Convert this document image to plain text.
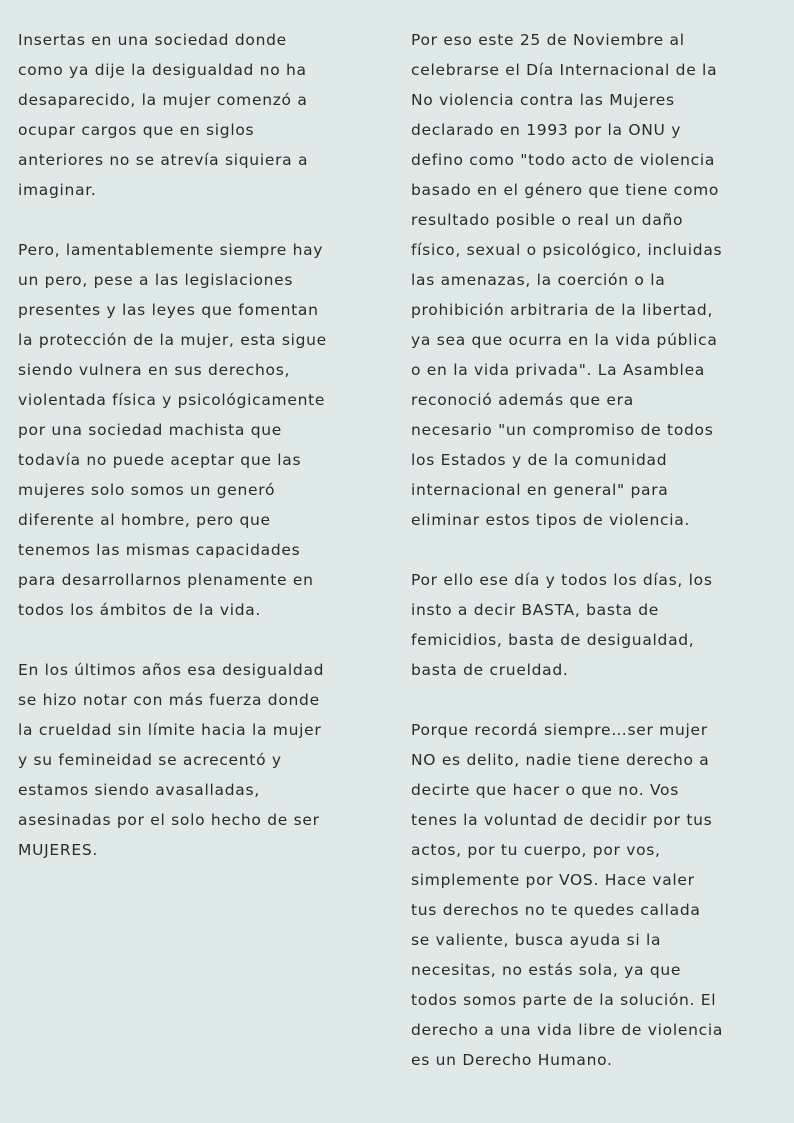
Insertas en una sociedad donde
como ya dije la desigualdad no ha
desaparecido, la mujer comenzó a
ocupar cargos que en siglos
anteriores no se atrevía siquiera a
imaginar.

Pero, lamentablemente siempre hay
un pero, pese a las legislaciones
presentes y las leyes que fomentan
la protección de la mujer, esta sigue
siendo vulnera en sus derechos,
violentada física y psicológicamente
por una sociedad machista que
todavía no puede aceptar que las
mujeres solo somos un generó
diferente al hombre, pero que
tenemos las mismas capacidades
para desarrollarnos plenamente en
todos los ámbitos de la vida.

En los últimos años esa desigualdad
se hizo notar con más fuerza donde
la crueldad sin límite hacia la mujer
y su femineidad se acrecentó y
estamos siendo avasalladas,
asesinadas por el solo hecho de ser
MUJERES.

Por eso este 25 de Noviembre al
celebrarse el Día Internacional de la
No violencia contra las Mujeres
declarado en 1993 por la ONU y
defino como "todo acto de violencia
basado en el género que tiene como
resultado posible o real un daño
físico, sexual o psicológico, incluidas
las amenazas, la coerción o la
prohibición arbitraria de la libertad,
ya sea que ocurra en la vida pública
o en la vida privada". La Asamblea
reconoció además que era
necesario "un compromiso de todos
los Estados y de la comunidad
internacional en general" para
eliminar estos tipos de violencia.

Por ello ese día y todos los días, los
insto a decir BASTA, basta de
femicidios, basta de desigualdad,
basta de crueldad.

Porque recordá siempre…ser mujer
NO es delito, nadie tiene derecho a
decirte que hacer o que no. Vos
tenes la voluntad de decidir por tus
actos, por tu cuerpo, por vos,
simplemente por VOS. Hace valer
tus derechos no te quedes callada
se valiente, busca ayuda si la
necesitas, no estás sola, ya que
todos somos parte de la solución. El
derecho a una vida libre de violencia
es un Derecho Humano.
